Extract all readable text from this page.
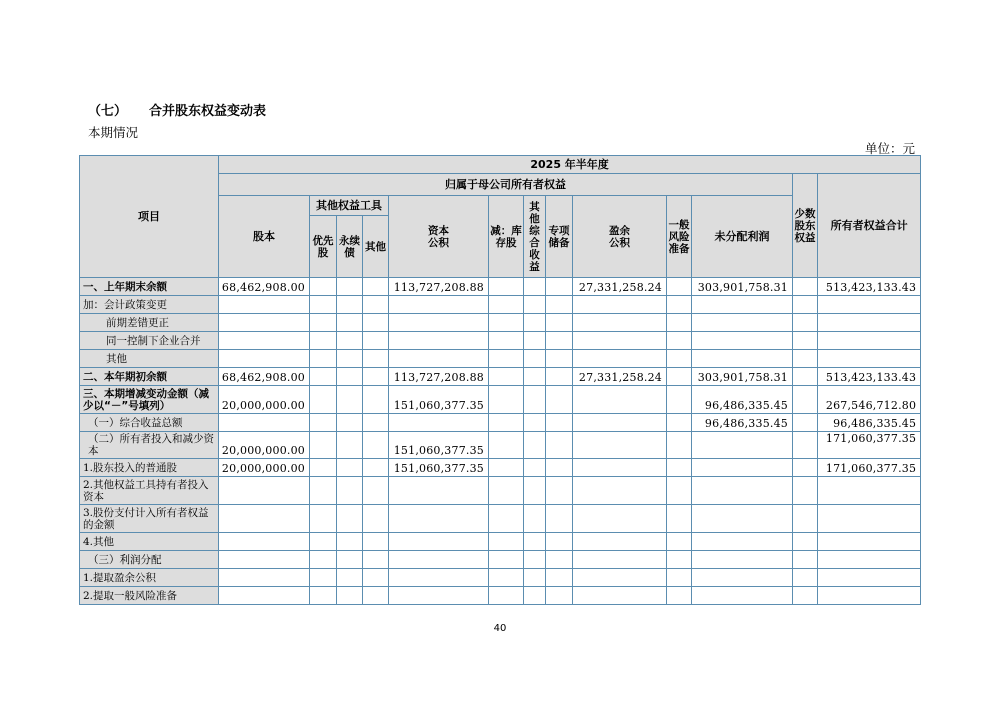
（七） 合并股东权益变动表
本期情况
单位：元
项目	2025 年半年度												
	归属于母公司所有者权益											少数股东权益	所有者权益合计
	股本	其他权益工具			资本公积	减：库存股	其他综合收益	专项储备	盈余公积	一般风险准备	未分配利润		
		优先股	永续债	其他									
一、上年期末余额	68,462,908.00				113,727,208.88				27,331,258.24		303,901,758.31		513,423,133.43
加：会计政策变更													
前期差错更正													
同一控制下企业合并													
其他													
二、本年期初余额	68,462,908.00				113,727,208.88				27,331,258.24		303,901,758.31		513,423,133.43
三、本期增减变动金额（减少以“－”号填列）	20,000,000.00				151,060,377.35						96,486,335.45		267,546,712.80
（一）综合收益总额											96,486,335.45		96,486,335.45
（二）所有者投入和减少资本	20,000,000.00				151,060,377.35								171,060,377.35
1.股东投入的普通股	20,000,000.00				151,060,377.35								171,060,377.35
2.其他权益工具持有者投入资本													
3.股份支付计入所有者权益的金额													
4.其他													
（三）利润分配													
1.提取盈余公积													
2.提取一般风险准备													
40
